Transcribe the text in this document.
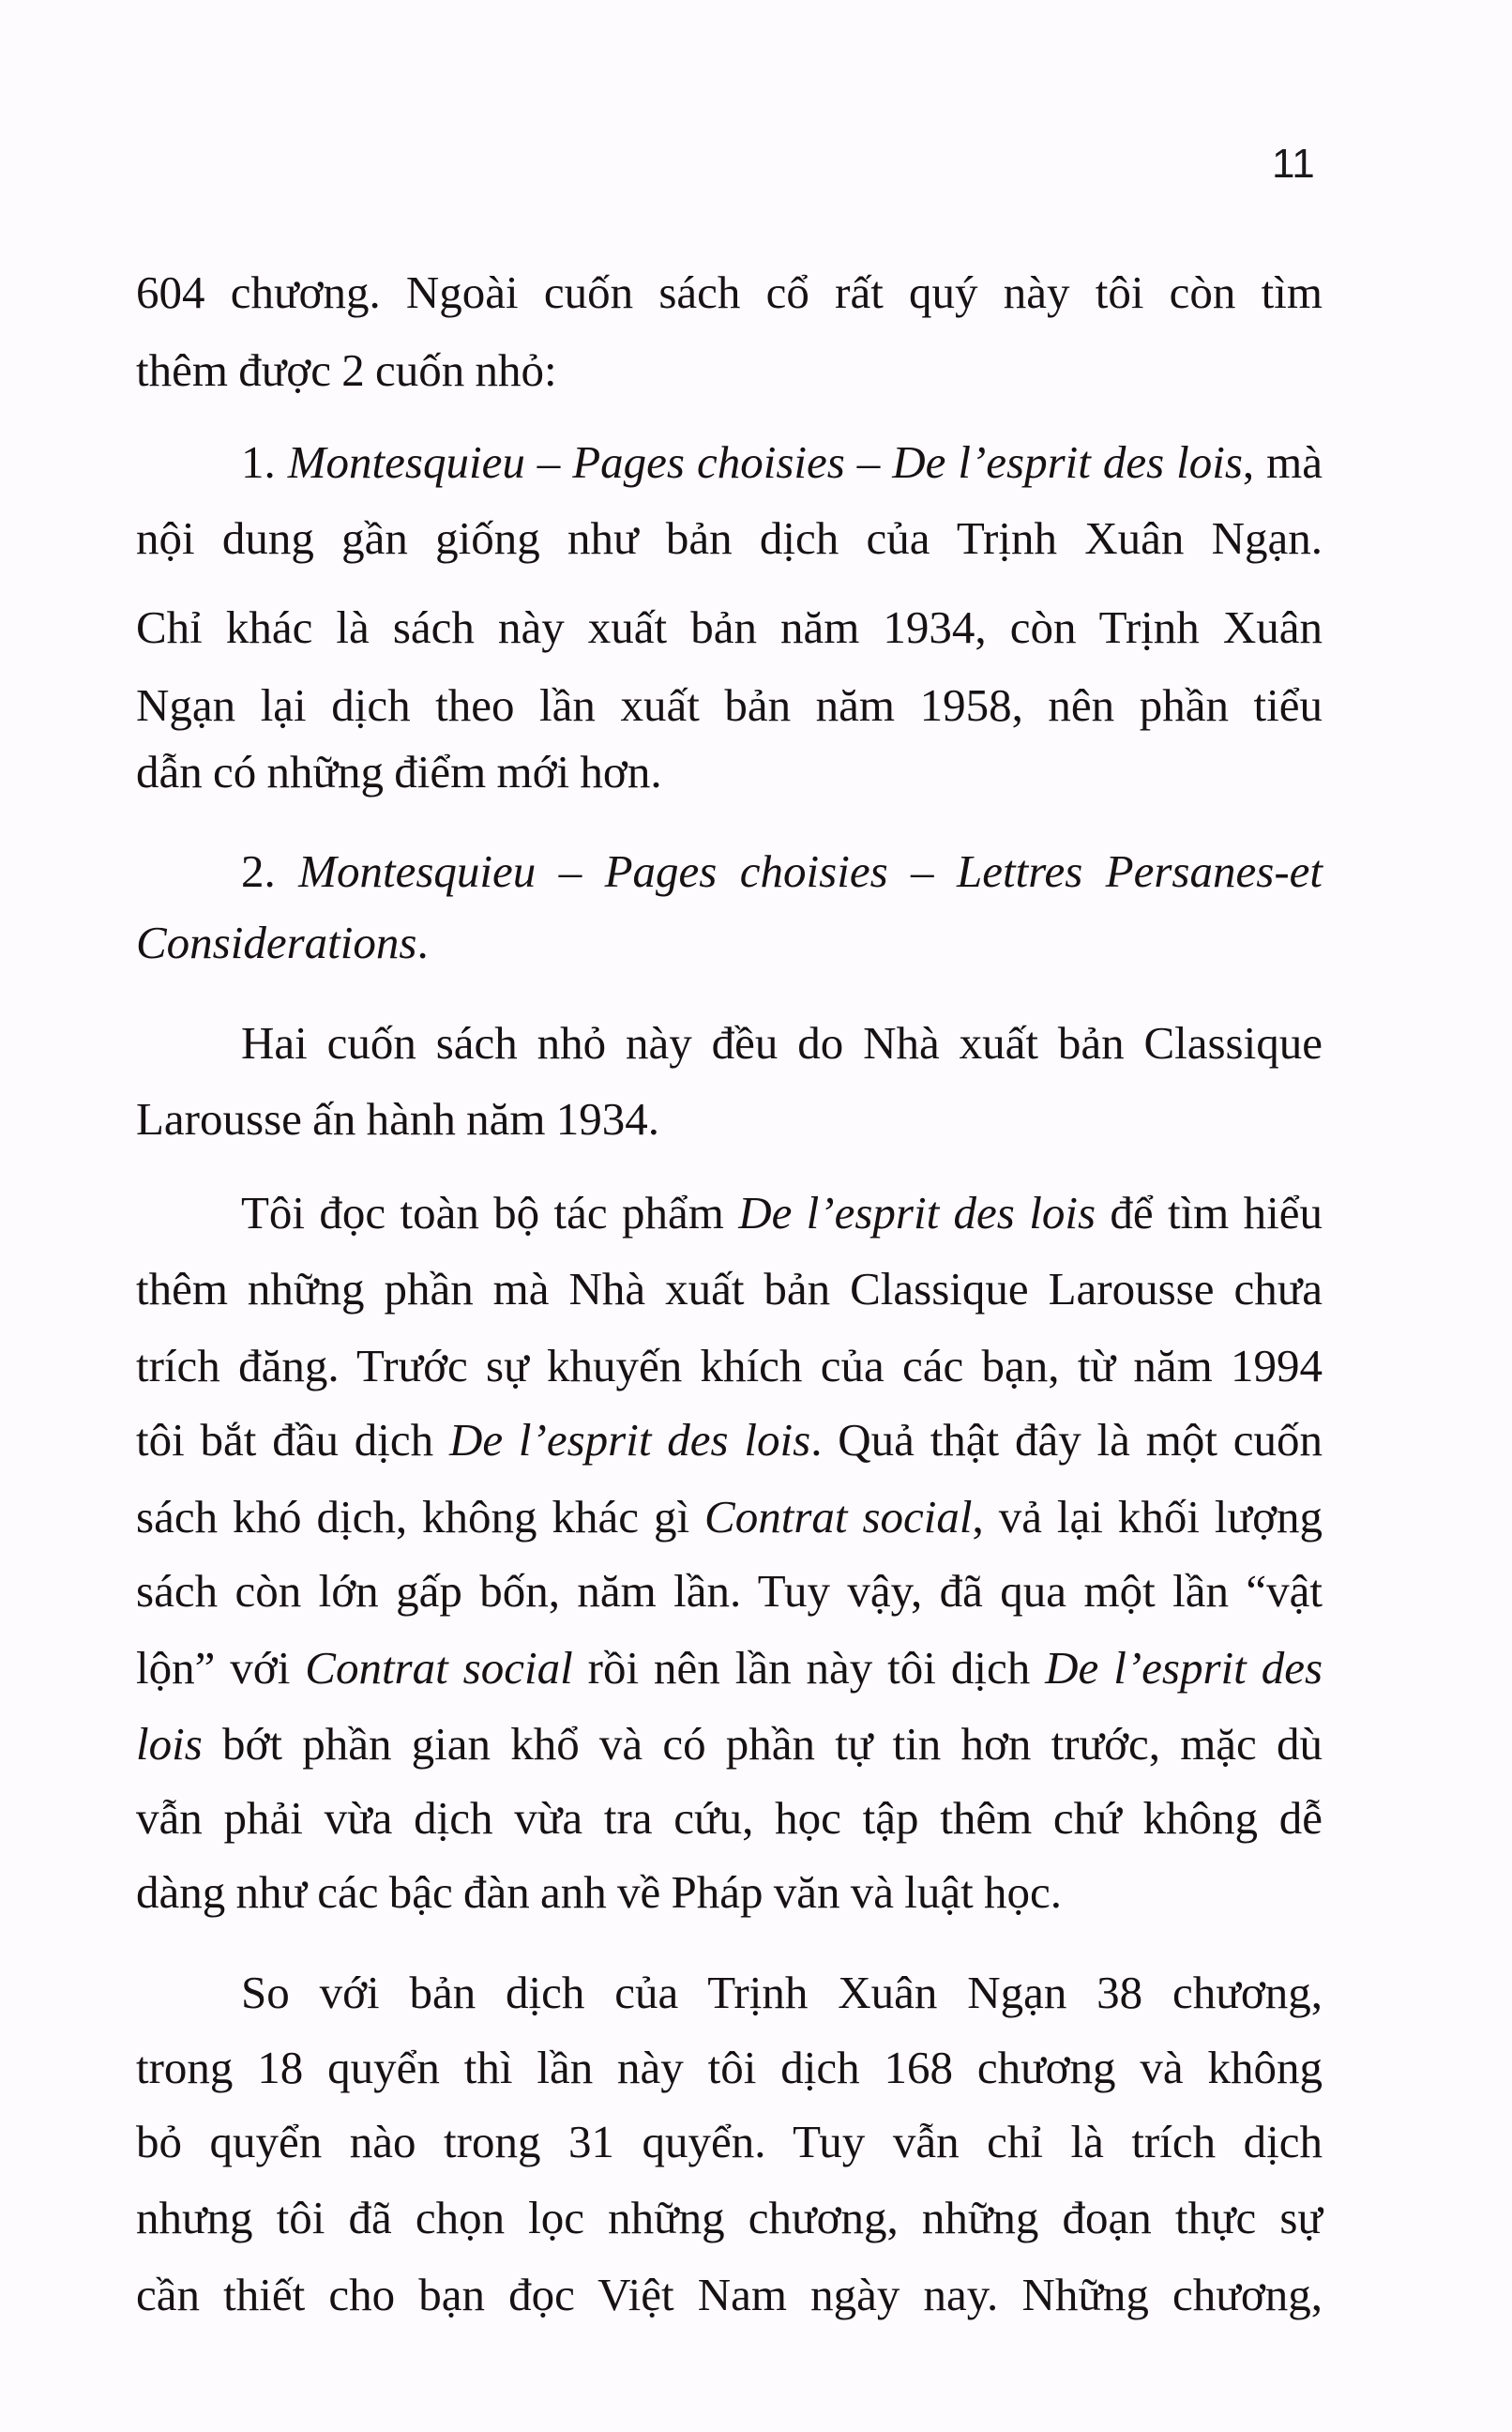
11
604 chương. Ngoài cuốn sách cổ rất quý này tôi còn tìm
thêm được 2 cuốn nhỏ:
1. Montesquieu – Pages choisies – De l’esprit des lois, mà
nội dung gần giống như bản dịch của Trịnh Xuân Ngạn.
Chỉ khác là sách này xuất bản năm 1934, còn Trịnh Xuân
Ngạn lại dịch theo lần xuất bản năm 1958, nên phần tiểu
dẫn có những điểm mới hơn.
2. Montesquieu – Pages choisies – Lettres Persanes-et
Considerations.
Hai cuốn sách nhỏ này đều do Nhà xuất bản Classique
Larousse ấn hành năm 1934.
Tôi đọc toàn bộ tác phẩm De l’esprit des lois để tìm hiểu
thêm những phần mà Nhà xuất bản Classique Larousse chưa
trích đăng. Trước sự khuyến khích của các bạn, từ năm 1994
tôi bắt đầu dịch De l’esprit des lois. Quả thật đây là một cuốn
sách khó dịch, không khác gì Contrat social, vả lại khối lượng
sách còn lớn gấp bốn, năm lần. Tuy vậy, đã qua một lần “vật
lộn” với Contrat social rồi nên lần này tôi dịch De l’esprit des
lois bớt phần gian khổ và có phần tự tin hơn trước, mặc dù
vẫn phải vừa dịch vừa tra cứu, học tập thêm chứ không dễ
dàng như các bậc đàn anh về Pháp văn và luật học.
So với bản dịch của Trịnh Xuân Ngạn 38 chương,
trong 18 quyển thì lần này tôi dịch 168 chương và không
bỏ quyển nào trong 31 quyển. Tuy vẫn chỉ là trích dịch
nhưng tôi đã chọn lọc những chương, những đoạn thực sự
cần thiết cho bạn đọc Việt Nam ngày nay. Những chương,
